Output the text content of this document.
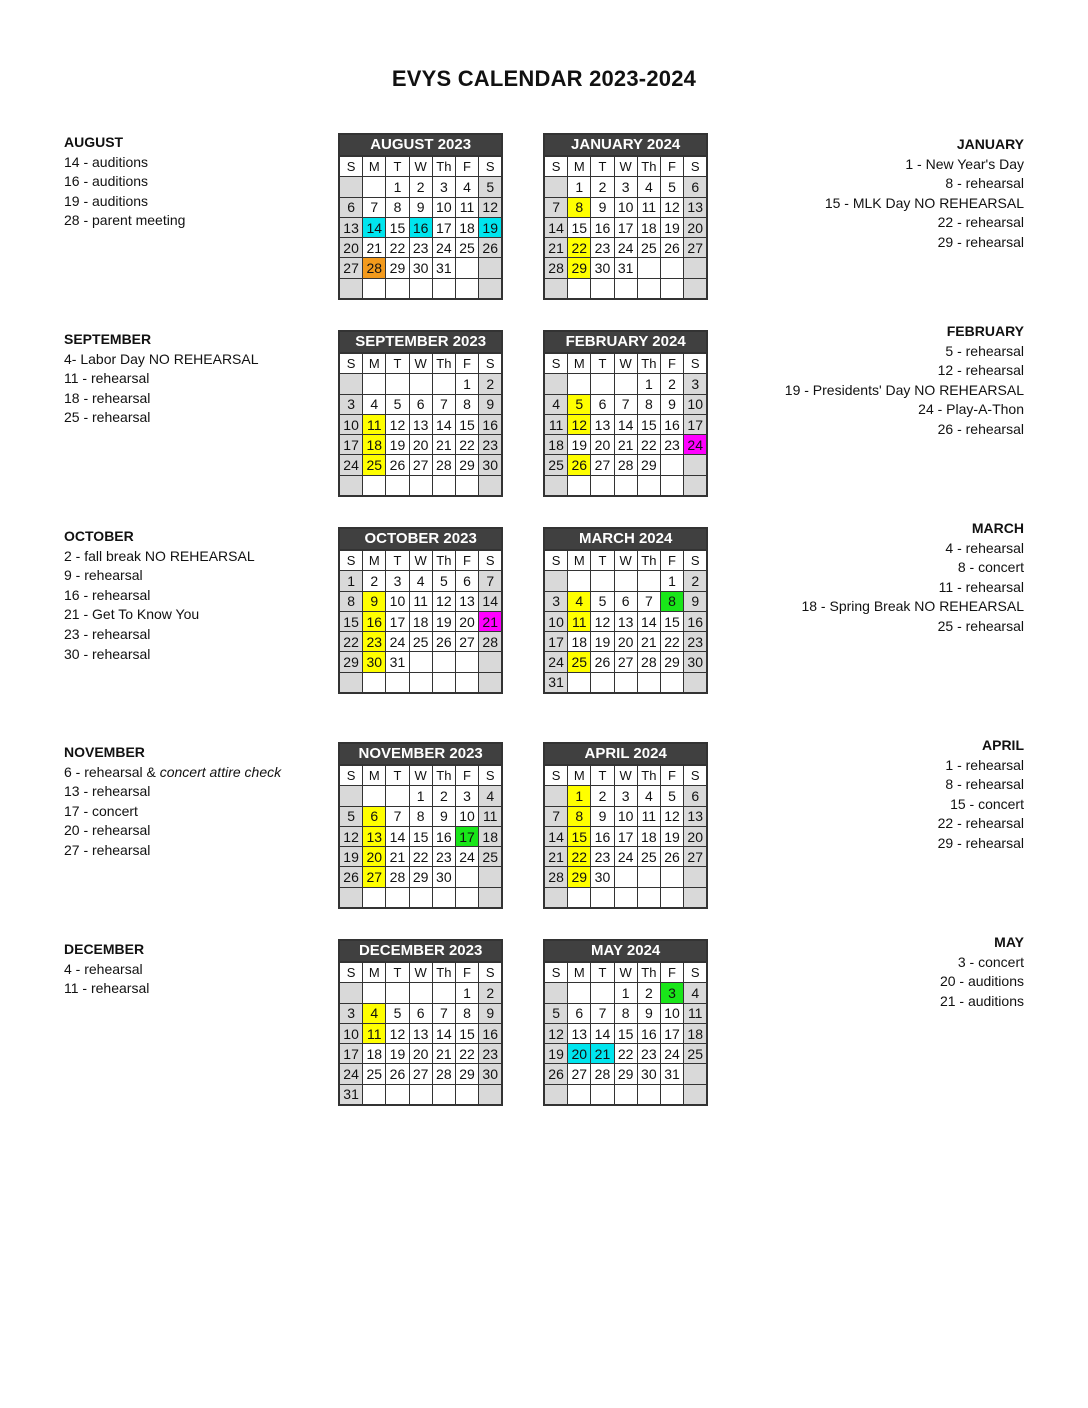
EVYS CALENDAR 2023-2024
AUGUST
14 - auditions
16 - auditions
19 - auditions
28 - parent meeting
SEPTEMBER
4- Labor Day NO REHEARSAL
11 - rehearsal
18 - rehearsal
25 - rehearsal
OCTOBER
2 - fall break NO REHEARSAL
9 - rehearsal
16 - rehearsal
21 - Get To Know You
23 - rehearsal
30 - rehearsal
NOVEMBER
6 - rehearsal & concert attire check
13 - rehearsal
17 - concert
20 - rehearsal
27 - rehearsal
DECEMBER
4 - rehearsal
11 - rehearsal
JANUARY
1 - New Year's Day
8 - rehearsal
15 - MLK Day NO REHEARSAL
22 - rehearsal
29 - rehearsal
FEBRUARY
5 - rehearsal
12 - rehearsal
19 - Presidents' Day NO REHEARSAL
24 - Play-A-Thon
26 - rehearsal
MARCH
4 - rehearsal
8 - concert
11 - rehearsal
18 - Spring Break NO REHEARSAL
25 - rehearsal
APRIL
1 - rehearsal
8 - rehearsal
15 - concert
22 - rehearsal
29 - rehearsal
MAY
3 - concert
20 - auditions
21 - auditions
AUGUST 2023						
S	M	T	W	Th	F	S
		1	2	3	4	5
6	7	8	9	10	11	12
13	14	15	16	17	18	19
20	21	22	23	24	25	26
27	28	29	30	31		

JANUARY 2024						
S	M	T	W	Th	F	S
	1	2	3	4	5	6
7	8	9	10	11	12	13
14	15	16	17	18	19	20
21	22	23	24	25	26	27
28	29	30	31			

SEPTEMBER 2023						
S	M	T	W	Th	F	S
					1	2
3	4	5	6	7	8	9
10	11	12	13	14	15	16
17	18	19	20	21	22	23
24	25	26	27	28	29	30

FEBRUARY 2024						
S	M	T	W	Th	F	S
				1	2	3
4	5	6	7	8	9	10
11	12	13	14	15	16	17
18	19	20	21	22	23	24
25	26	27	28	29		

OCTOBER 2023						
S	M	T	W	Th	F	S
1	2	3	4	5	6	7
8	9	10	11	12	13	14
15	16	17	18	19	20	21
22	23	24	25	26	27	28
29	30	31				

MARCH 2024						
S	M	T	W	Th	F	S
					1	2
3	4	5	6	7	8	9
10	11	12	13	14	15	16
17	18	19	20	21	22	23
24	25	26	27	28	29	30
31						
NOVEMBER 2023						
S	M	T	W	Th	F	S
			1	2	3	4
5	6	7	8	9	10	11
12	13	14	15	16	17	18
19	20	21	22	23	24	25
26	27	28	29	30		

APRIL 2024						
S	M	T	W	Th	F	S
	1	2	3	4	5	6
7	8	9	10	11	12	13
14	15	16	17	18	19	20
21	22	23	24	25	26	27
28	29	30				

DECEMBER 2023						
S	M	T	W	Th	F	S
					1	2
3	4	5	6	7	8	9
10	11	12	13	14	15	16
17	18	19	20	21	22	23
24	25	26	27	28	29	30
31						
MAY 2024						
S	M	T	W	Th	F	S
			1	2	3	4
5	6	7	8	9	10	11
12	13	14	15	16	17	18
19	20	21	22	23	24	25
26	27	28	29	30	31	
